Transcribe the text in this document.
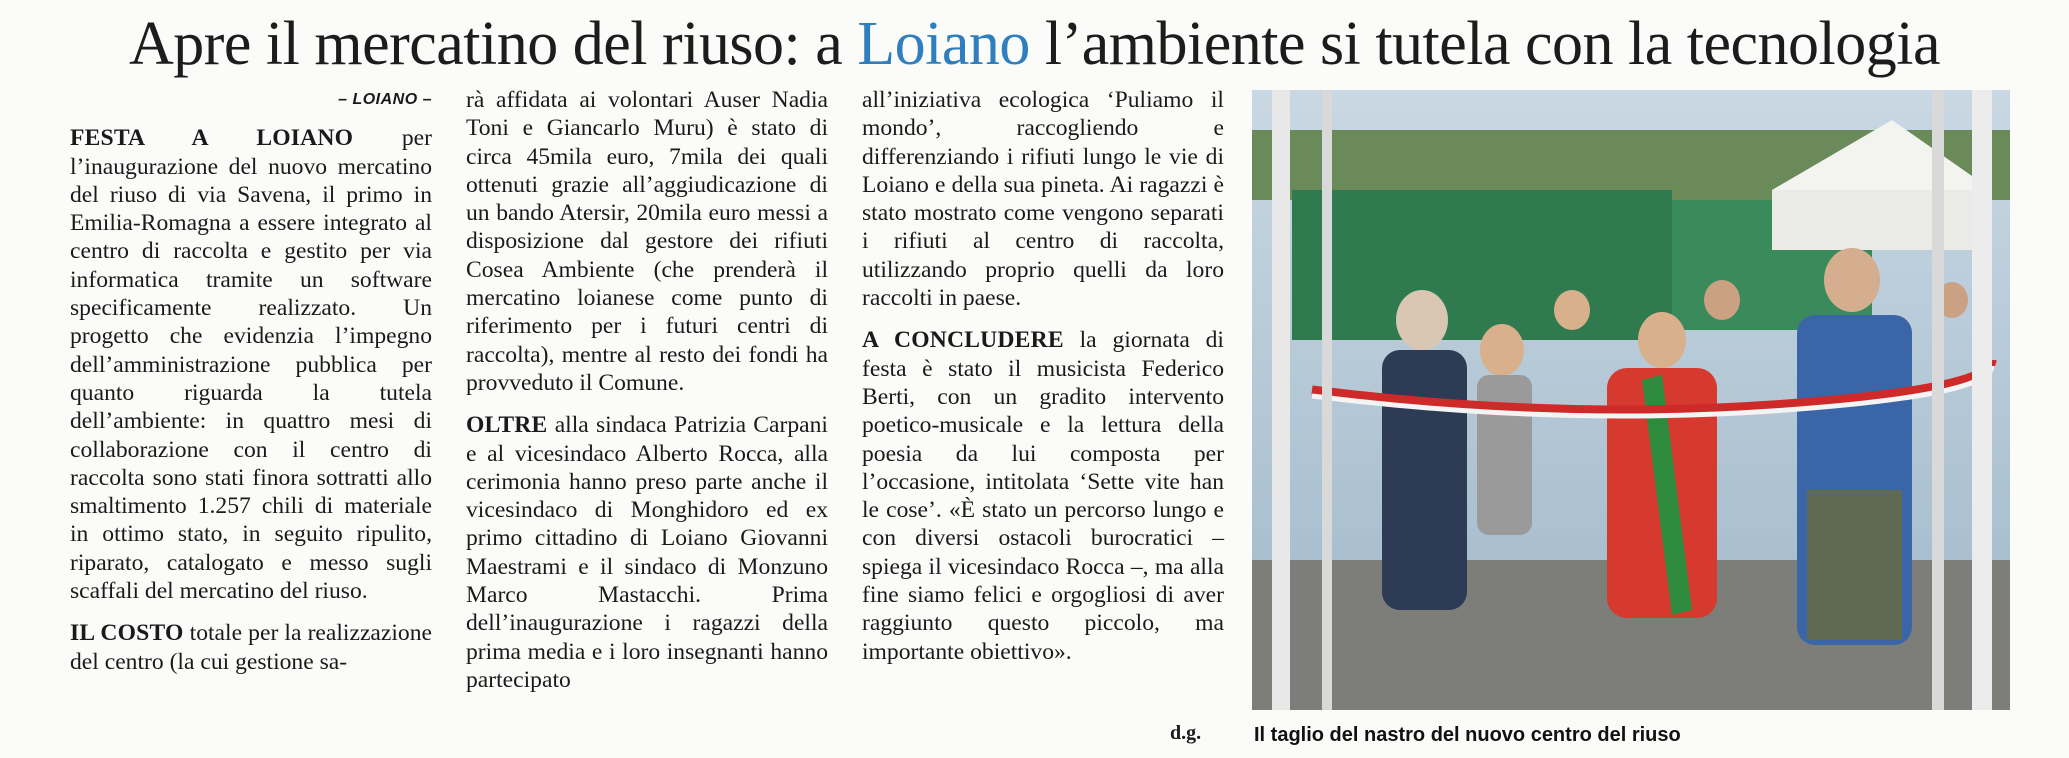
Apre il mercatino del riuso: a Loiano l’ambiente si tutela con la tecnologia
– LOIANO –

FESTA A LOIANO per l’inaugurazione del nuovo mercatino del riuso di via Savena, il primo in Emilia-Romagna a essere integrato al centro di raccolta e gestito per via informatica tramite un software specificamente realizzato. Un progetto che evidenzia l’impegno dell’amministrazione pubblica per quanto riguarda la tutela dell’ambiente: in quattro mesi di collaborazione con il centro di raccolta sono stati finora sottratti allo smaltimento 1.257 chili di materiale in ottimo stato, in seguito ripulito, riparato, catalogato e messo sugli scaffali del mercatino del riuso.

IL COSTO totale per la realizzazione del centro (la cui gestione sa-

rà affidata ai volontari Auser Nadia Toni e Giancarlo Muru) è stato di circa 45mila euro, 7mila dei quali ottenuti grazie all’aggiudicazione di un bando Atersir, 20mila euro messi a disposizione dal gestore dei rifiuti Cosea Ambiente (che prenderà il mercatino loianese come punto di riferimento per i futuri centri di raccolta), mentre al resto dei fondi ha provveduto il Comune.

OLTRE alla sindaca Patrizia Carpani e al vicesindaco Alberto Rocca, alla cerimonia hanno preso parte anche il vicesindaco di Monghidoro ed ex primo cittadino di Loiano Giovanni Maestrami e il sindaco di Monzuno Marco Mastacchi. Prima dell’inaugurazione i ragazzi della prima media e i loro insegnanti hanno partecipato

all’iniziativa ecologica ‘Puliamo il mondo’, raccogliendo e differenziando i rifiuti lungo le vie di Loiano e della sua pineta. Ai ragazzi è stato mostrato come vengono separati i rifiuti al centro di raccolta, utilizzando proprio quelli da loro raccolti in paese.

A CONCLUDERE la giornata di festa è stato il musicista Federico Berti, con un gradito intervento poetico-musicale e la lettura della poesia da lui composta per l’occasione, intitolata ‘Sette vite han le cose’. «È stato un percorso lungo e con diversi ostacoli burocratici – spiega il vicesindaco Rocca –, ma alla fine siamo felici e orgogliosi di aver raggiunto questo piccolo, ma importante obiettivo».

d.g.	Il taglio del nastro del nuovo centro del riuso
